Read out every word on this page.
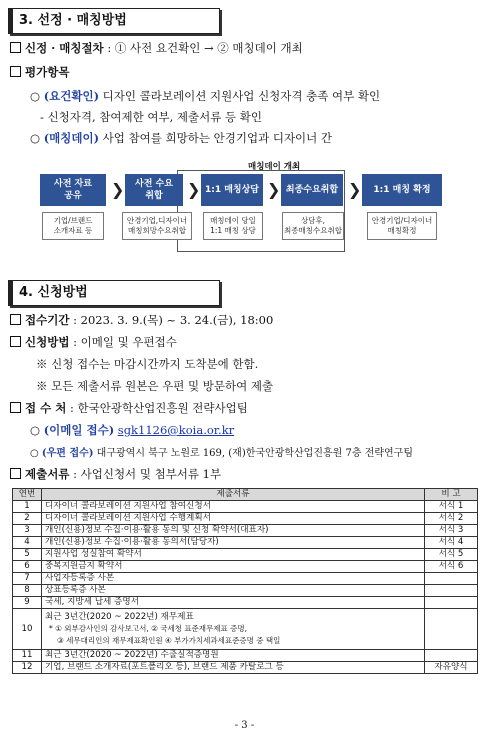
3. 선정 · 매칭방법
신정 · 매칭절차 : ① 사전 요건확인 → ② 매칭데이 개최
평가항목
○ (요건확인) 디자인 콜라보레이션 지원사업 신청자격 충족 여부 확인
- 신청자격, 참여제한 여부, 제출서류 등 확인
○ (매칭데이) 사업 참여를 희망하는 안경기업과 디자이너 간
매칭데이 개최
사전 자료
공유	❯ 사전 수요
취합	❯ 1:1 매칭상담 ❯ 최종수요취합 ❯ 1:1 매칭 확정
기업/브랜드
소개자료 등
안경기업,디자이너
매칭희망수요취합
매칭데이 당일
1:1 매칭 상담
상담후,
최종매칭수요취합
안경기업/디자이너
매칭확정
4. 신청방법
접수기간 : 2023. 3. 9.(목) ~ 3. 24.(금), 18:00
신청방법 : 이메일 및 우편접수
※ 신청 접수는 마감시간까지 도착분에 한함.
※ 모든 제출서류 원본은 우편 및 방문하여 제출
접 수 처 : 한국안광학산업진흥원 전략사업팀
○ (이메일 접수) sgk1126@koia.or.kr
○ (우편 접수) 대구광역시 북구 노원로 169, (재)한국안광학산업진흥원 7층 전략연구팀
제출서류 : 사업신청서 및 첨부서류 1부
연번	제출서류	비 고
1	디자이너 콜라보레이션 지원사업 참여신청서	서식 1
2	디자이너 콜라보레이션 지원사업 수행계획서	서식 2
3	개인(신용)정보 수집·이용·활용 동의 및 신청 확약서(대표자)	서식 3
4	개인(신용)정보 수집·이용·활용 동의서(담당자)	서식 4
5	지원사업 성실참여 확약서	서식 5
6	중복지원금지 확약서	서식 6
7	사업자등록증 사본	
8	상표등록증 사본	
9	국세, 지방세 납세 증명서	
10	최근 3년간(2020 ~ 2022년) 재무제표
* ① 외부감사인의 감사보고서, ② 국세청 표준재무제표 증명,
③ 세무대리인의 재무제표확인원 ④ 부가가치세과세표준증명 중 택일	

11	최근 3년간(2020 ~ 2022년) 수출실적증명원	
12	기업, 브랜드 소개자료(포트폴리오 등), 브랜드 제품 카탈로그 등	자유양식
- 3 -
